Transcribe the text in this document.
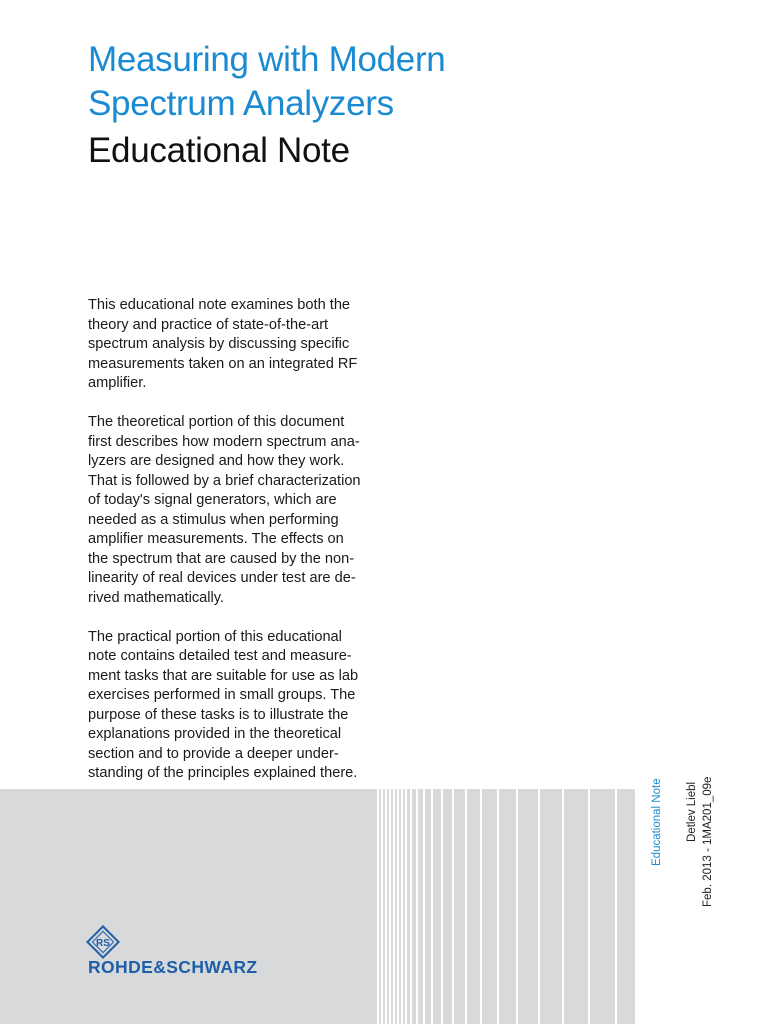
Measuring with Modern
Spectrum Analyzers
Educational Note

This educational note examines both the
theory and practice of state-of-the-art
spectrum analysis by discussing specific
measurements taken on an integrated RF
amplifier.

The theoretical portion of this document
first describes how modern spectrum ana-
lyzers are designed and how they work.
That is followed by a brief characterization
of today's signal generators, which are
needed as a stimulus when performing
amplifier measurements. The effects on
the spectrum that are caused by the non-
linearity of real devices under test are de-
rived mathematically.

The practical portion of this educational
note contains detailed test and measure-
ment tasks that are suitable for use as lab
exercises performed in small groups. The
purpose of these tasks is to illustrate the
explanations provided in the theoretical
section and to provide a deeper under-
standing of the principles explained there.

Educational Note Detlev Liebl Feb. 2013 - 1MA201_09e
RS
ROHDE&SCHWARZ
